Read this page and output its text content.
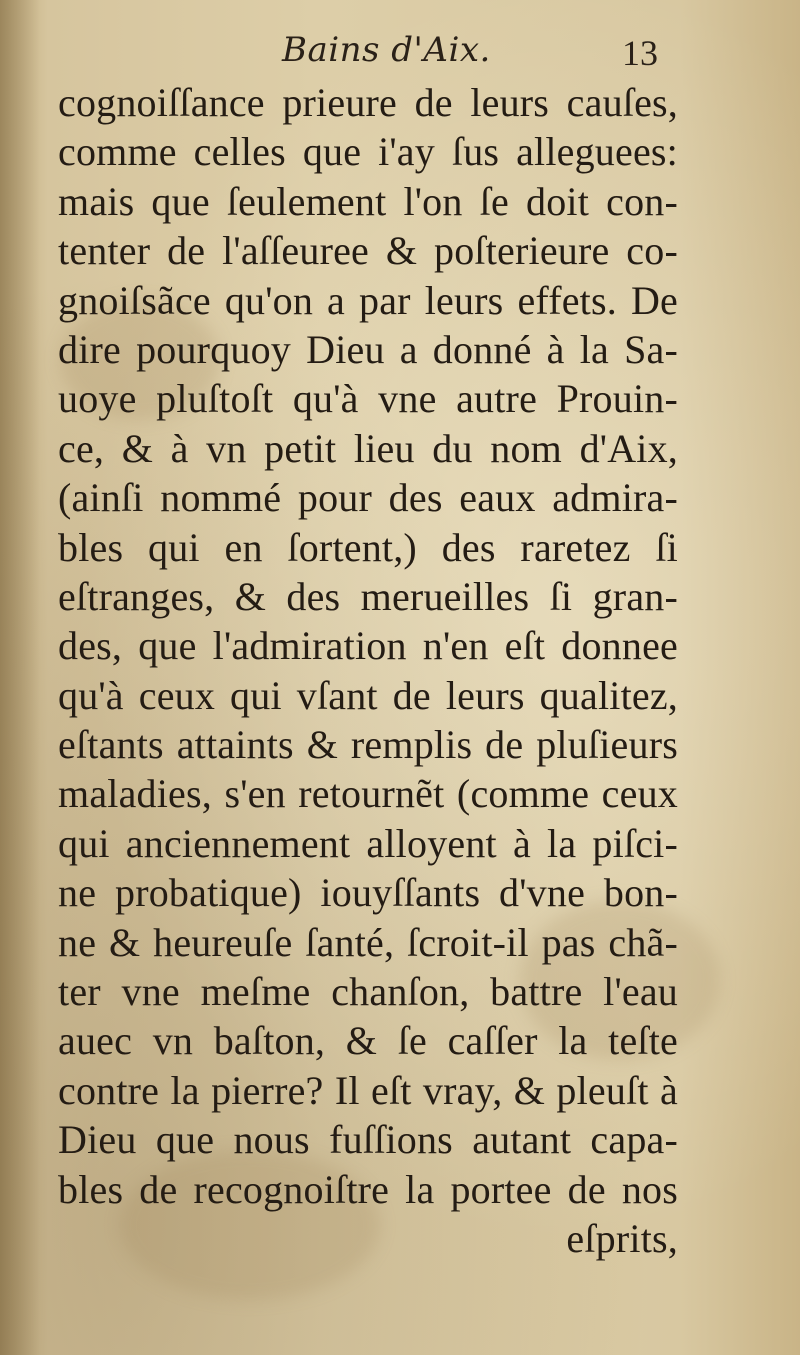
Bains d'Aix.	13
cognoiſſance prieure de leurs cauſes,
comme celles que i'ay ſus alleguees:
mais que ſeulement l'on ſe doit con-
tenter de l'aſſeuree & poſterieure co-
gnoiſsãce qu'on a par leurs effets. De
dire pourquoy Dieu a donné à la Sa-
uoye pluſtoſt qu'à vne autre Prouin-
ce, & à vn petit lieu du nom d'Aix,
(ainſi nommé pour des eaux admira-
bles qui en ſortent,) des raretez ſi
eſtranges, & des merueilles ſi gran-
des, que l'admiration n'en eſt donnee
qu'à ceux qui vſant de leurs qualitez,
eſtants attaints & remplis de pluſieurs
maladies, s'en retournẽt (comme ceux
qui anciennement alloyent à la piſci-
ne probatique) iouyſſants d'vne bon-
ne & heureuſe ſanté, ſcroit-il pas chã-
ter vne meſme chanſon, battre l'eau
auec vn baſton, & ſe caſſer la teſte
contre la pierre? Il eſt vray, & pleuſt à
Dieu que nous fuſſions autant capa-
bles de recognoiſtre la portee de nos
eſprits,
